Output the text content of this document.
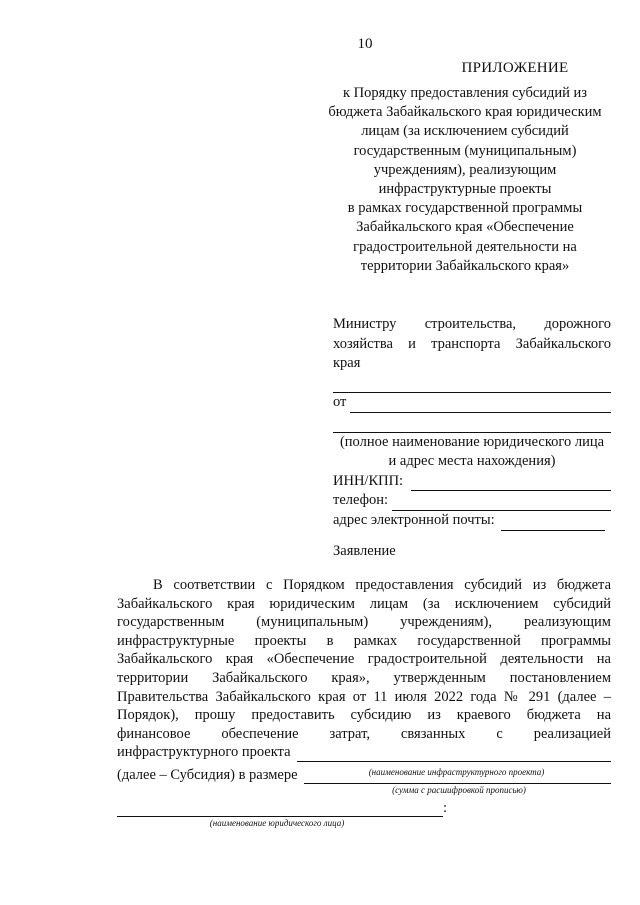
10
ПРИЛОЖЕНИЕ
к Порядку предоставления субсидий из
бюджета Забайкальского края юридическим
лицам (за исключением субсидий
государственным (муниципальным)
учреждениям), реализующим
инфраструктурные проекты
в рамках государственной программы
Забайкальского края «Обеспечение
градостроительной деятельности на
территории Забайкальского края»
Министру строительства, дорожного
хозяйства и транспорта Забайкальского
края
от
(полное наименование юридического лица
и адрес места нахождения)
ИНН/КПП:
телефон:
адрес электронной почты:
Заявление
В соответствии с Порядком предоставления субсидий из бюджета
Забайкальского края юридическим лицам (за исключением субсидий
государственным (муниципальным) учреждениям), реализующим
инфраструктурные проекты в рамках государственной программы
Забайкальского края «Обеспечение градостроительной деятельности на
территории Забайкальского края», утвержденным постановлением
Правительства Забайкальского края от 11 июля 2022 года № 291 (далее –
Порядок), прошу предоставить субсидию из краевого бюджета на
финансовое обеспечение затрат, связанных с реализацией
инфраструктурного проекта
(наименование инфраструктурного проекта)
(далее – Субсидия) в размере
(сумма с расшифровкой прописью)
:
(наименование юридического лица)
